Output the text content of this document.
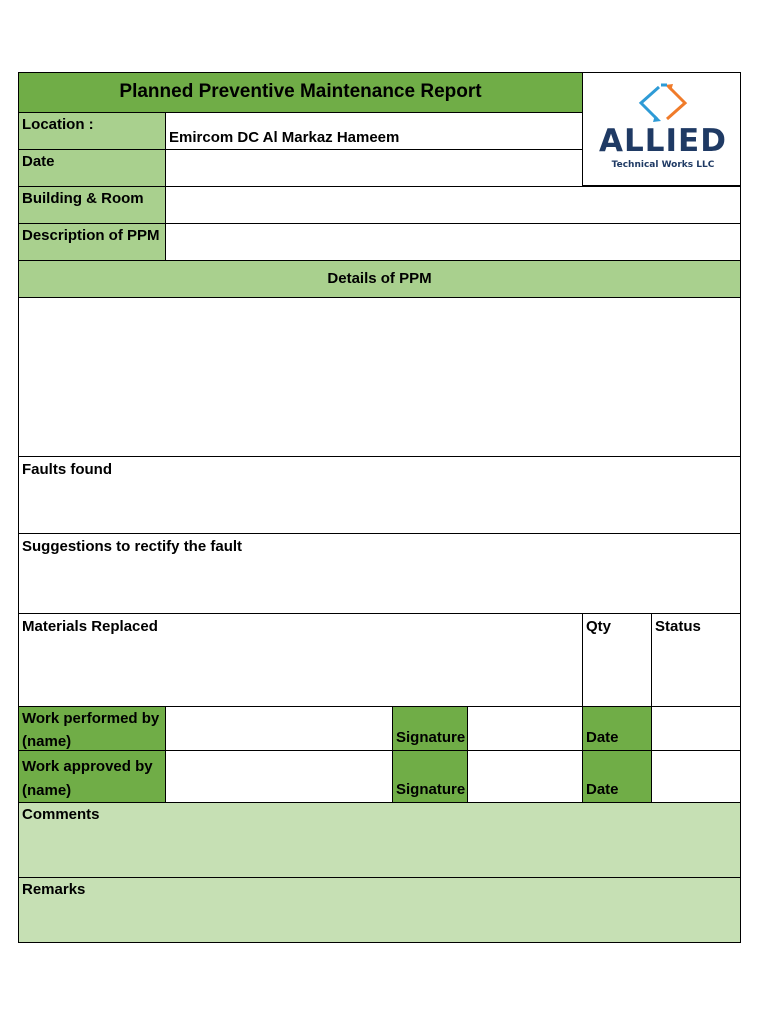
Planned Preventive Maintenance Report
ALLIED
Technical Works LLC
Location :
Emircom DC Al Markaz Hameem
Date
Building & Room
Description of PPM
Details of PPM
Faults found
Suggestions to rectify the fault
Materials Replaced	Qty	Status
Work performed by (name)	Signature	Date
Work approved by (name)	Signature	Date
Comments
Remarks
